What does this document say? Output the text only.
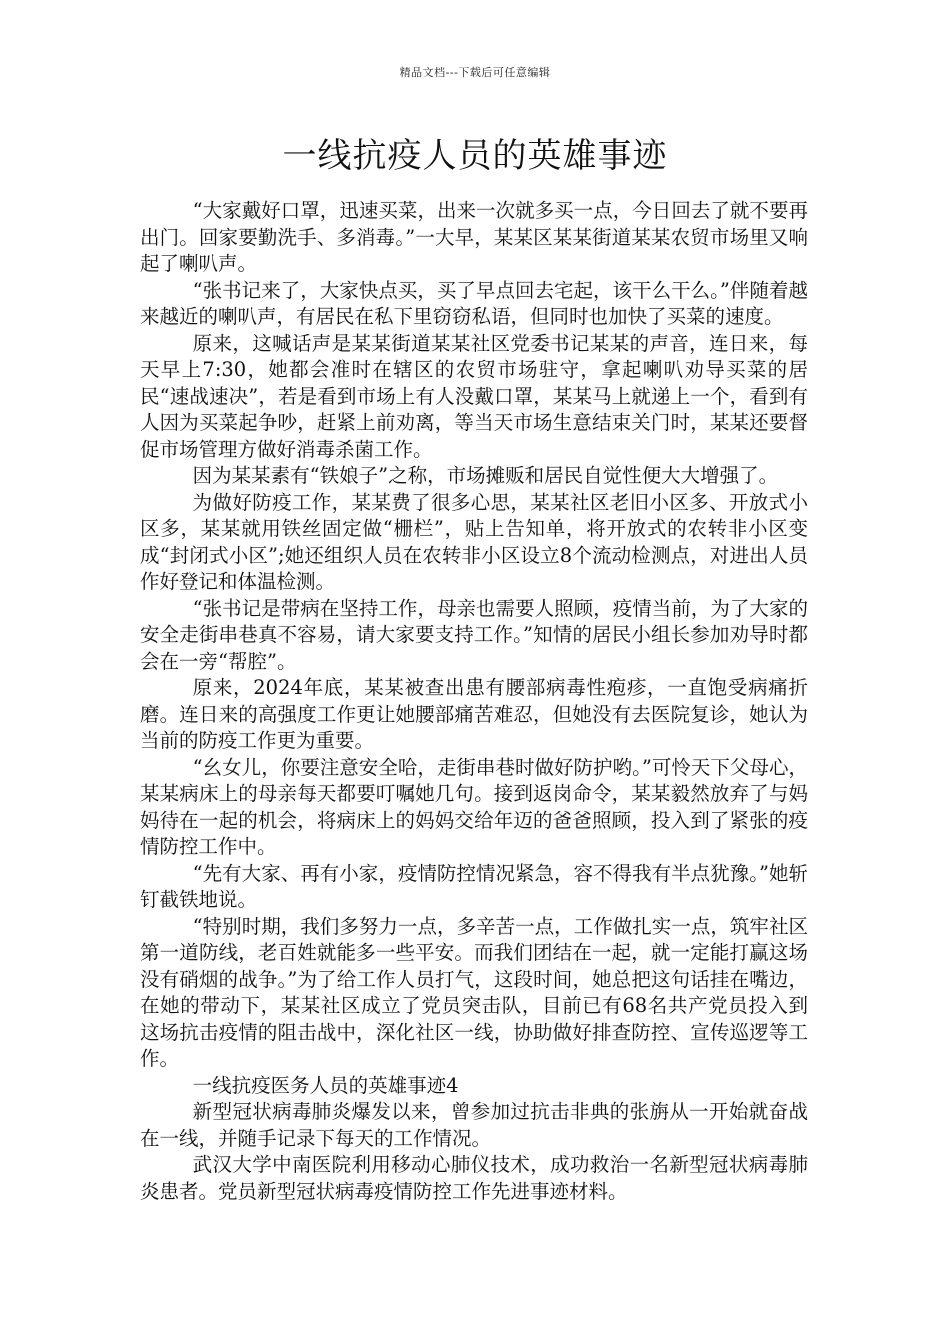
精品文档---下载后可任意编辑
一线抗疫人员的英雄事迹

“大家戴好口罩，迅速买菜，出来一次就多买一点，今日回去了就不要再出门。回家要勤洗手、多消毒。”一大早，某某区某某街道某某农贸市场里又响起了喇叭声。

“张书记来了，大家快点买，买了早点回去宅起，该干么干么。”伴随着越来越近的喇叭声，有居民在私下里窃窃私语，但同时也加快了买菜的速度。

原来，这喊话声是某某街道某某社区党委书记某某的声音，连日来，每天早上7:30，她都会准时在辖区的农贸市场驻守，拿起喇叭劝导买菜的居民“速战速决”，若是看到市场上有人没戴口罩，某某马上就递上一个，看到有人因为买菜起争吵，赶紧上前劝离，等当天市场生意结束关门时，某某还要督促市场管理方做好消毒杀菌工作。

因为某某素有“铁娘子”之称，市场摊贩和居民自觉性便大大增强了。

为做好防疫工作，某某费了很多心思，某某社区老旧小区多、开放式小区多，某某就用铁丝固定做“栅栏”，贴上告知单，将开放式的农转非小区变成“封闭式小区”;她还组织人员在农转非小区设立8个流动检测点，对进出人员作好登记和体温检测。

“张书记是带病在坚持工作，母亲也需要人照顾，疫情当前，为了大家的安全走街串巷真不容易，请大家要支持工作。”知情的居民小组长参加劝导时都会在一旁“帮腔”。

原来，2024年底，某某被查出患有腰部病毒性疱疹，一直饱受病痛折磨。连日来的高强度工作更让她腰部痛苦难忍，但她没有去医院复诊，她认为当前的防疫工作更为重要。

“幺女儿，你要注意安全哈，走街串巷时做好防护哟。”可怜天下父母心，某某病床上的母亲每天都要叮嘱她几句。接到返岗命令，某某毅然放弃了与妈妈待在一起的机会，将病床上的妈妈交给年迈的爸爸照顾，投入到了紧张的疫情防控工作中。

“先有大家、再有小家，疫情防控情况紧急，容不得我有半点犹豫。”她斩钉截铁地说。

“特别时期，我们多努力一点，多辛苦一点，工作做扎实一点，筑牢社区第一道防线，老百姓就能多一些平安。而我们团结在一起，就一定能打赢这场没有硝烟的战争。”为了给工作人员打气，这段时间，她总把这句话挂在嘴边，在她的带动下，某某社区成立了党员突击队，目前已有68名共产党员投入到这场抗击疫情的阻击战中，深化社区一线，协助做好排查防控、宣传巡逻等工作。

一线抗疫医务人员的英雄事迹4

新型冠状病毒肺炎爆发以来，曾参加过抗击非典的张旃从一开始就奋战在一线，并随手记录下每天的工作情况。

武汉大学中南医院利用移动心肺仪技术，成功救治一名新型冠状病毒肺炎患者。党员新型冠状病毒疫情防控工作先进事迹材料。
